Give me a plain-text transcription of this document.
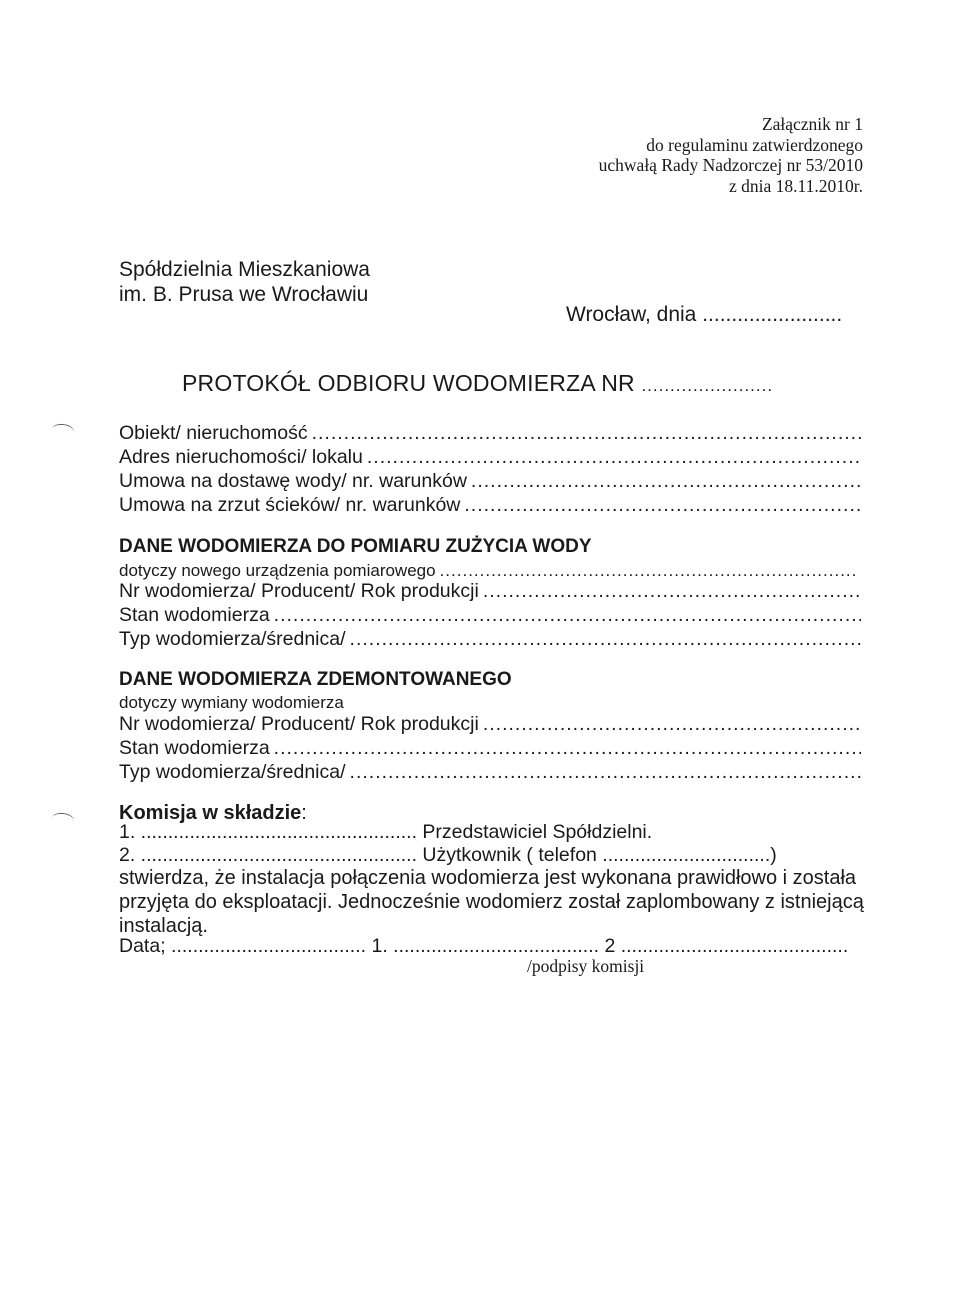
Załącznik nr 1
do regulaminu zatwierdzonego
uchwałą Rady Nadzorczej nr 53/2010
z dnia 18.11.2010r.
Spółdzielnia Mieszkaniowa
im. B. Prusa we Wrocławiu
Wrocław, dnia ........................
PROTOKÓŁ ODBIORU WODOMIERZA NR .......................
Obiekt/ nieruchomość
.....
Adres nieruchomości/ lokalu
.....
Umowa na dostawę wody/ nr. warunków
.....
Umowa na zrzut ścieków/ nr. warunków
.....
DANE WODOMIERZA DO POMIARU ZUŻYCIA WODY
dotyczy nowego urządzenia pomiarowego
.....
Nr wodomierza/ Producent/ Rok produkcji
.....
Stan wodomierza
.....
Typ wodomierza/średnica/
.....
DANE WODOMIERZA ZDEMONTOWANEGO
dotyczy wymiany wodomierza
Nr wodomierza/ Producent/ Rok produkcji
.....
Stan wodomierza
.....
Typ wodomierza/średnica/
.....
Komisja w składzie:
1. ................................................... Przedstawiciel Spółdzielni.
2. ................................................... Użytkownik ( telefon ...............................)
stwierdza, że instalacja połączenia wodomierza jest wykonana prawidłowo i została przyjęta do eksploatacji. Jednocześnie wodomierz został zaplombowany z istniejącą instalacją.
Data; .................................... 1. ...................................... 2 ..........................................
/podpisy komisji
